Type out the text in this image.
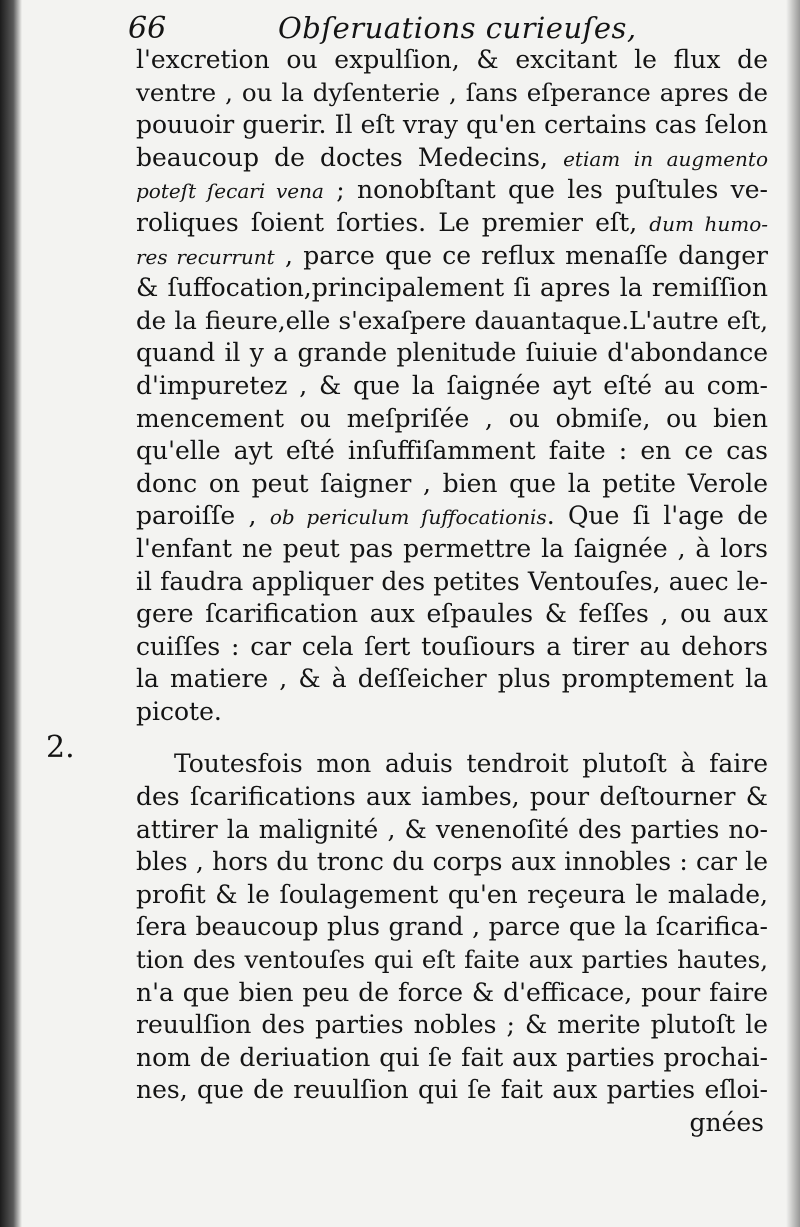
66	Obſeruations curieuſes,
2.
l'excretion ou expulſion, & excitant le flux de
ventre , ou la dyſenterie , ſans eſperance apres de
pouuoir guerir. Il eſt vray qu'en certains cas ſelon
beaucoup de doctes Medecins, etiam in augmento
poteſt ſecari vena ; nonobſtant que les puſtules ve-
roliques ſoient ſorties. Le premier eſt, dum humo-
res recurrunt , parce que ce reflux menaſſe danger
& ſuffocation,principalement ſi apres la remiſſion
de la fieure,elle s'exaſpere dauantaque.L'autre eſt,
quand il y a grande plenitude ſuiuie d'abondance
d'impuretez , & que la ſaignée ayt eſté au com-
mencement ou meſpriſée , ou obmiſe, ou bien
qu'elle ayt eſté inſuffiſamment faite : en ce cas
donc on peut ſaigner , bien que la petite Verole
paroiſſe , ob periculum ſuffocationis. Que ſi l'age de
l'enfant ne peut pas permettre la ſaignée , à lors
il faudra appliquer des petites Ventouſes, auec le-
gere ſcarification aux eſpaules & feſſes , ou aux
cuiſſes : car cela ſert touſiours a tirer au dehors
la matiere , & à deſſeicher plus promptement la
picote.
Toutesfois mon aduis tendroit plutoſt à faire
des ſcarifications aux iambes, pour deſtourner &
attirer la malignité , & venenoſité des parties no-
bles , hors du tronc du corps aux innobles : car le
profit & le ſoulagement qu'en reçeura le malade,
ſera beaucoup plus grand , parce que la ſcarifica-
tion des ventouſes qui eſt faite aux parties hautes,
n'a que bien peu de force & d'efficace, pour faire
reuulſion des parties nobles ; & merite plutoſt le
nom de deriuation qui ſe fait aux parties prochai-
nes, que de reuulſion qui ſe fait aux parties eſloi-
gnées
